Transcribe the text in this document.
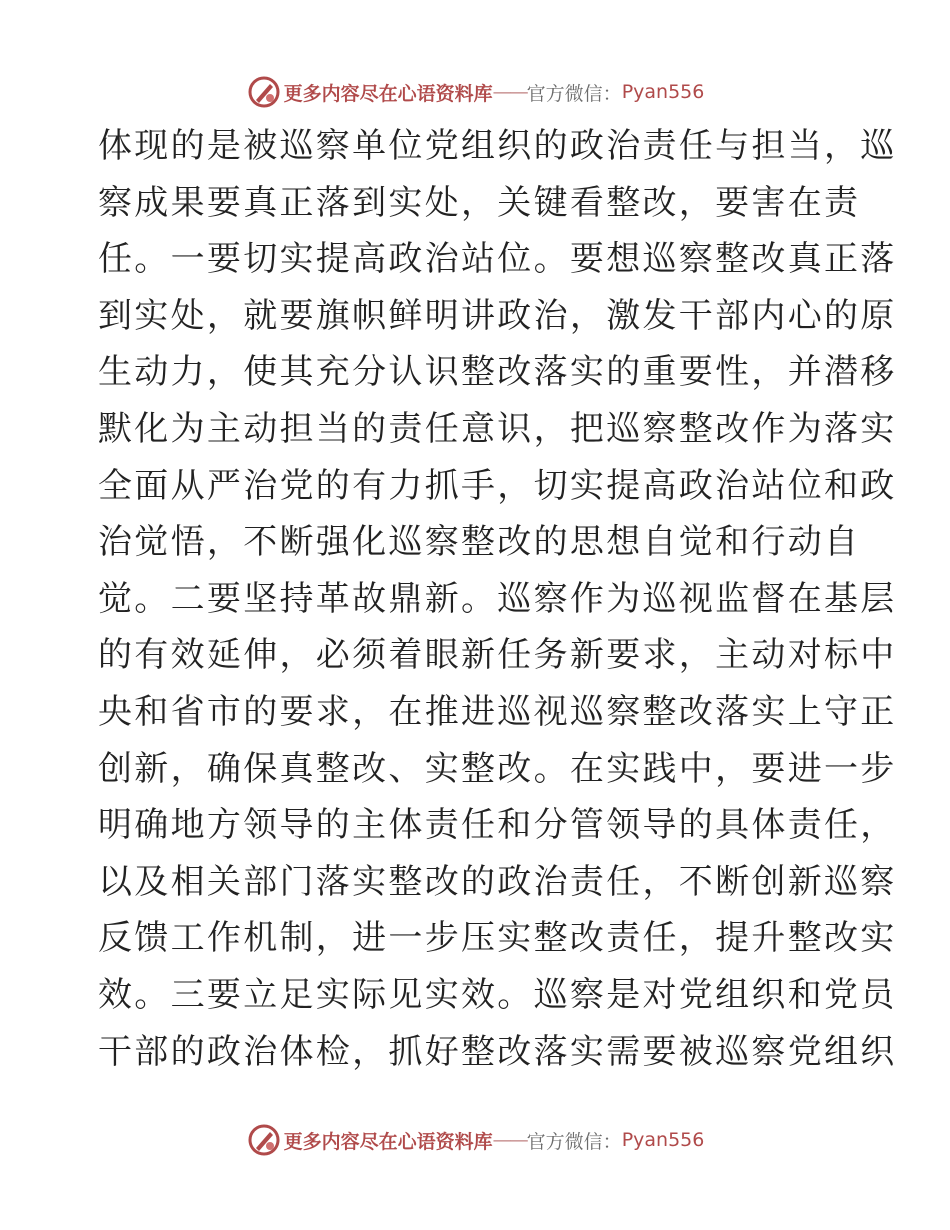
更多内容尽在心语资料库 —— 官方微信： Pyan556
体现的是被巡察单位党组织的政治责任与担当，巡
察成果要真正落到实处，关键看整改，要害在责
任。一要切实提高政治站位。要想巡察整改真正落
到实处，就要旗帜鲜明讲政治，激发干部内心的原
生动力，使其充分认识整改落实的重要性，并潜移
默化为主动担当的责任意识，把巡察整改作为落实
全面从严治党的有力抓手，切实提高政治站位和政
治觉悟，不断强化巡察整改的思想自觉和行动自
觉。二要坚持革故鼎新。巡察作为巡视监督在基层
的有效延伸，必须着眼新任务新要求，主动对标中
央和省市的要求，在推进巡视巡察整改落实上守正
创新，确保真整改、实整改。在实践中，要进一步
明确地方领导的主体责任和分管领导的具体责任，
以及相关部门落实整改的政治责任，不断创新巡察
反馈工作机制，进一步压实整改责任，提升整改实
效。三要立足实际见实效。巡察是对党组织和党员
干部的政治体检，抓好整改落实需要被巡察党组织
更多内容尽在心语资料库 —— 官方微信： Pyan556
